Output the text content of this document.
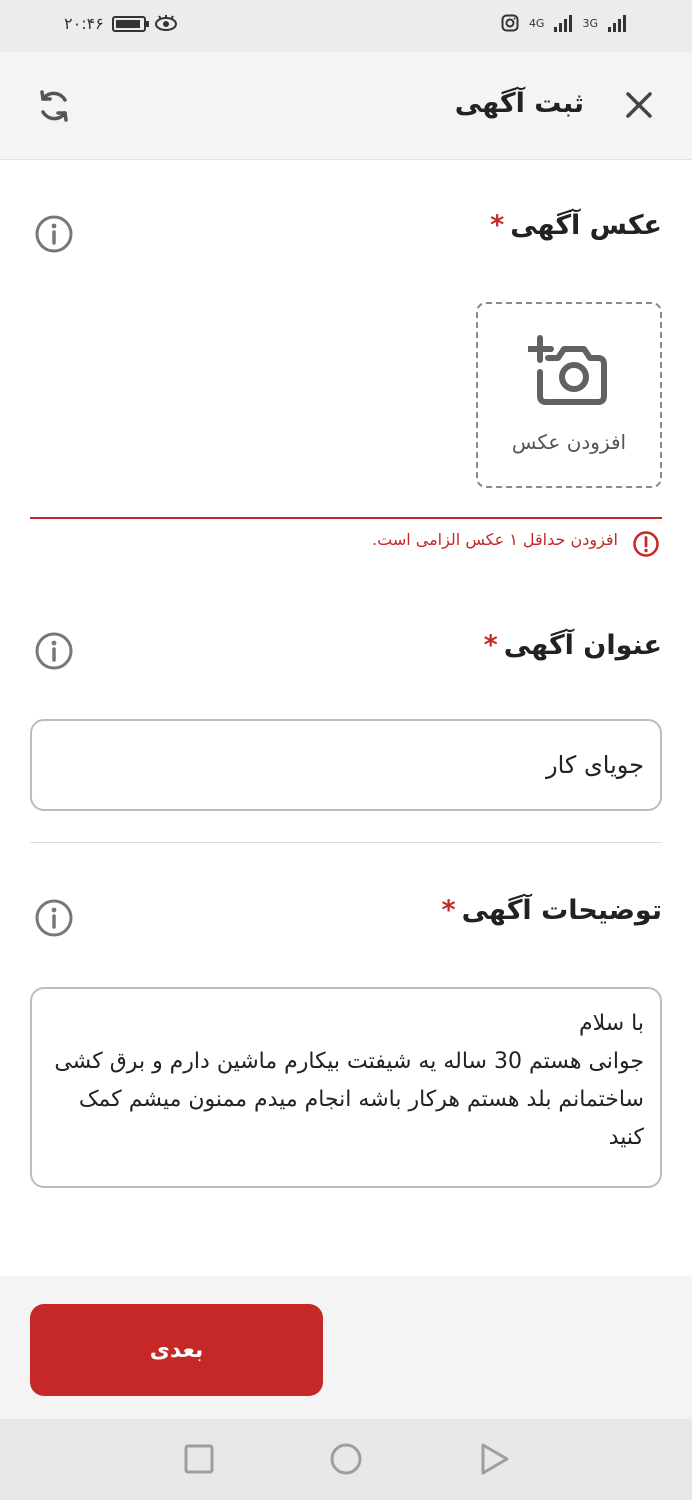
۲۰:۴۶	4G	3G
ثبت آگهی
عکس آگهی*
افزودن عکس
افزودن حداقل ۱ عکس الزامی است.
عنوان آگهی*
جویای کار
توضیحات آگهی*
با سلام
جوانی هستم 30 ساله یه شیفتت بیکارم ماشین دارم و برق کشی ساختمانم بلد هستم هرکار باشه انجام میدم ممنون میشم کمک کنید
بعدی
